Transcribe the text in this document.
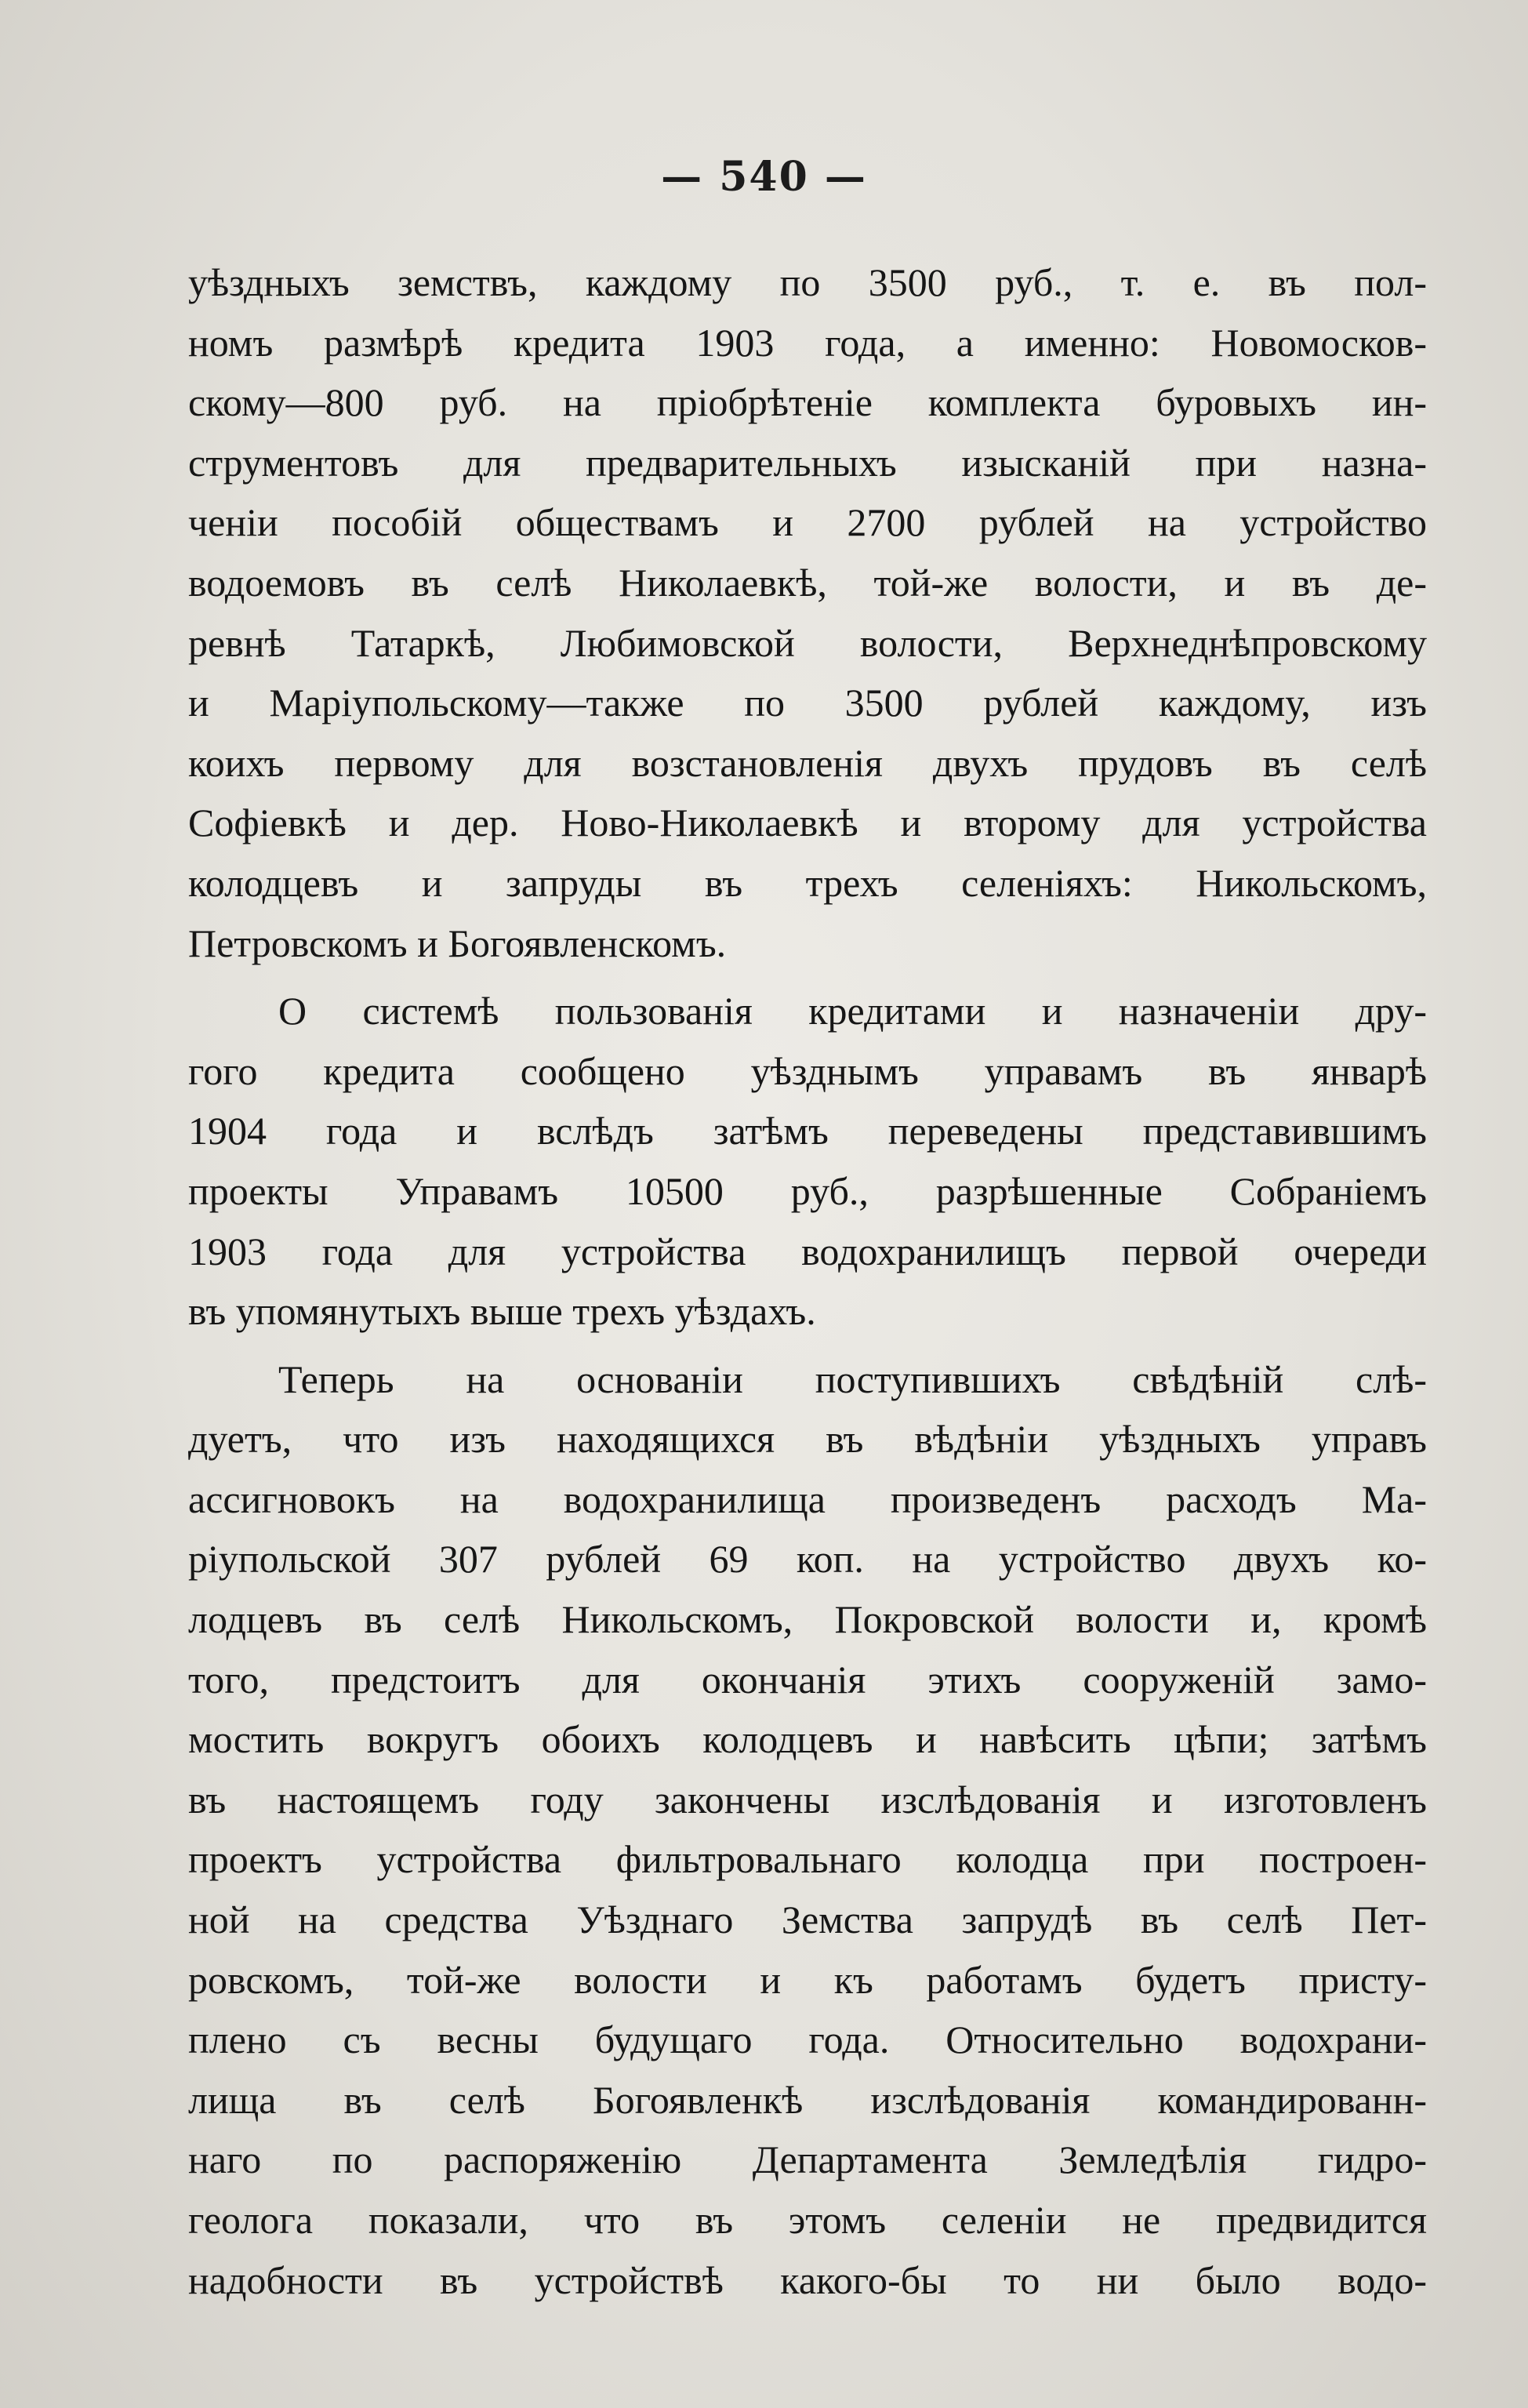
— 540 —
уѣздныхъ земствъ, каждому по 3500 руб., т. е. въ пол-
номъ размѣрѣ кредита 1903 года, а именно: Новомосков-
скому—800 руб. на пріобрѣтеніе комплекта буровыхъ ин-
струментовъ для предварительныхъ изысканій при назна-
ченіи пособій обществамъ и 2700 рублей на устройство
водоемовъ въ селѣ Николаевкѣ, той-же волости, и въ де-
ревнѣ Татаркѣ, Любимовской волости, Верхнеднѣпровскому
и Маріупольскому—также по 3500 рублей каждому, изъ
коихъ первому для возстановленія двухъ прудовъ въ селѣ
Софіевкѣ и дер. Ново-Николаевкѣ и второму для устройства
колодцевъ и запруды въ трехъ селеніяхъ: Никольскомъ,
Петровскомъ и Богоявленскомъ.
О системѣ пользованія кредитами и назначеніи дру-
гого кредита сообщено уѣзднымъ управамъ въ январѣ
1904 года и вслѣдъ затѣмъ переведены представившимъ
проекты Управамъ 10500 руб., разрѣшенные Собраніемъ
1903 года для устройства водохранилищъ первой очереди
въ упомянутыхъ выше трехъ уѣздахъ.
Теперь на основаніи поступившихъ свѣдѣній слѣ-
дуетъ, что изъ находящихся въ вѣдѣніи уѣздныхъ управъ
ассигновокъ на водохранилища произведенъ расходъ Ма-
ріупольской 307 рублей 69 коп. на устройство двухъ ко-
лодцевъ въ селѣ Никольскомъ, Покровской волости и, кромѣ
того, предстоитъ для окончанія этихъ сооруженій замо-
мостить вокругъ обоихъ колодцевъ и навѣсить цѣпи; затѣмъ
въ настоящемъ году закончены изслѣдованія и изготовленъ
проектъ устройства фильтровальнаго колодца при построен-
ной на средства Уѣзднаго Земства запрудѣ въ селѣ Пет-
ровскомъ, той-же волости и къ работамъ будетъ присту-
плено съ весны будущаго года. Относительно водохрани-
лища въ селѣ Богоявленкѣ изслѣдованія командированн-
наго по распоряженію Департамента Земледѣлія гидро-
геолога показали, что въ этомъ селеніи не предвидится
надобности въ устройствѣ какого-бы то ни было водо-
